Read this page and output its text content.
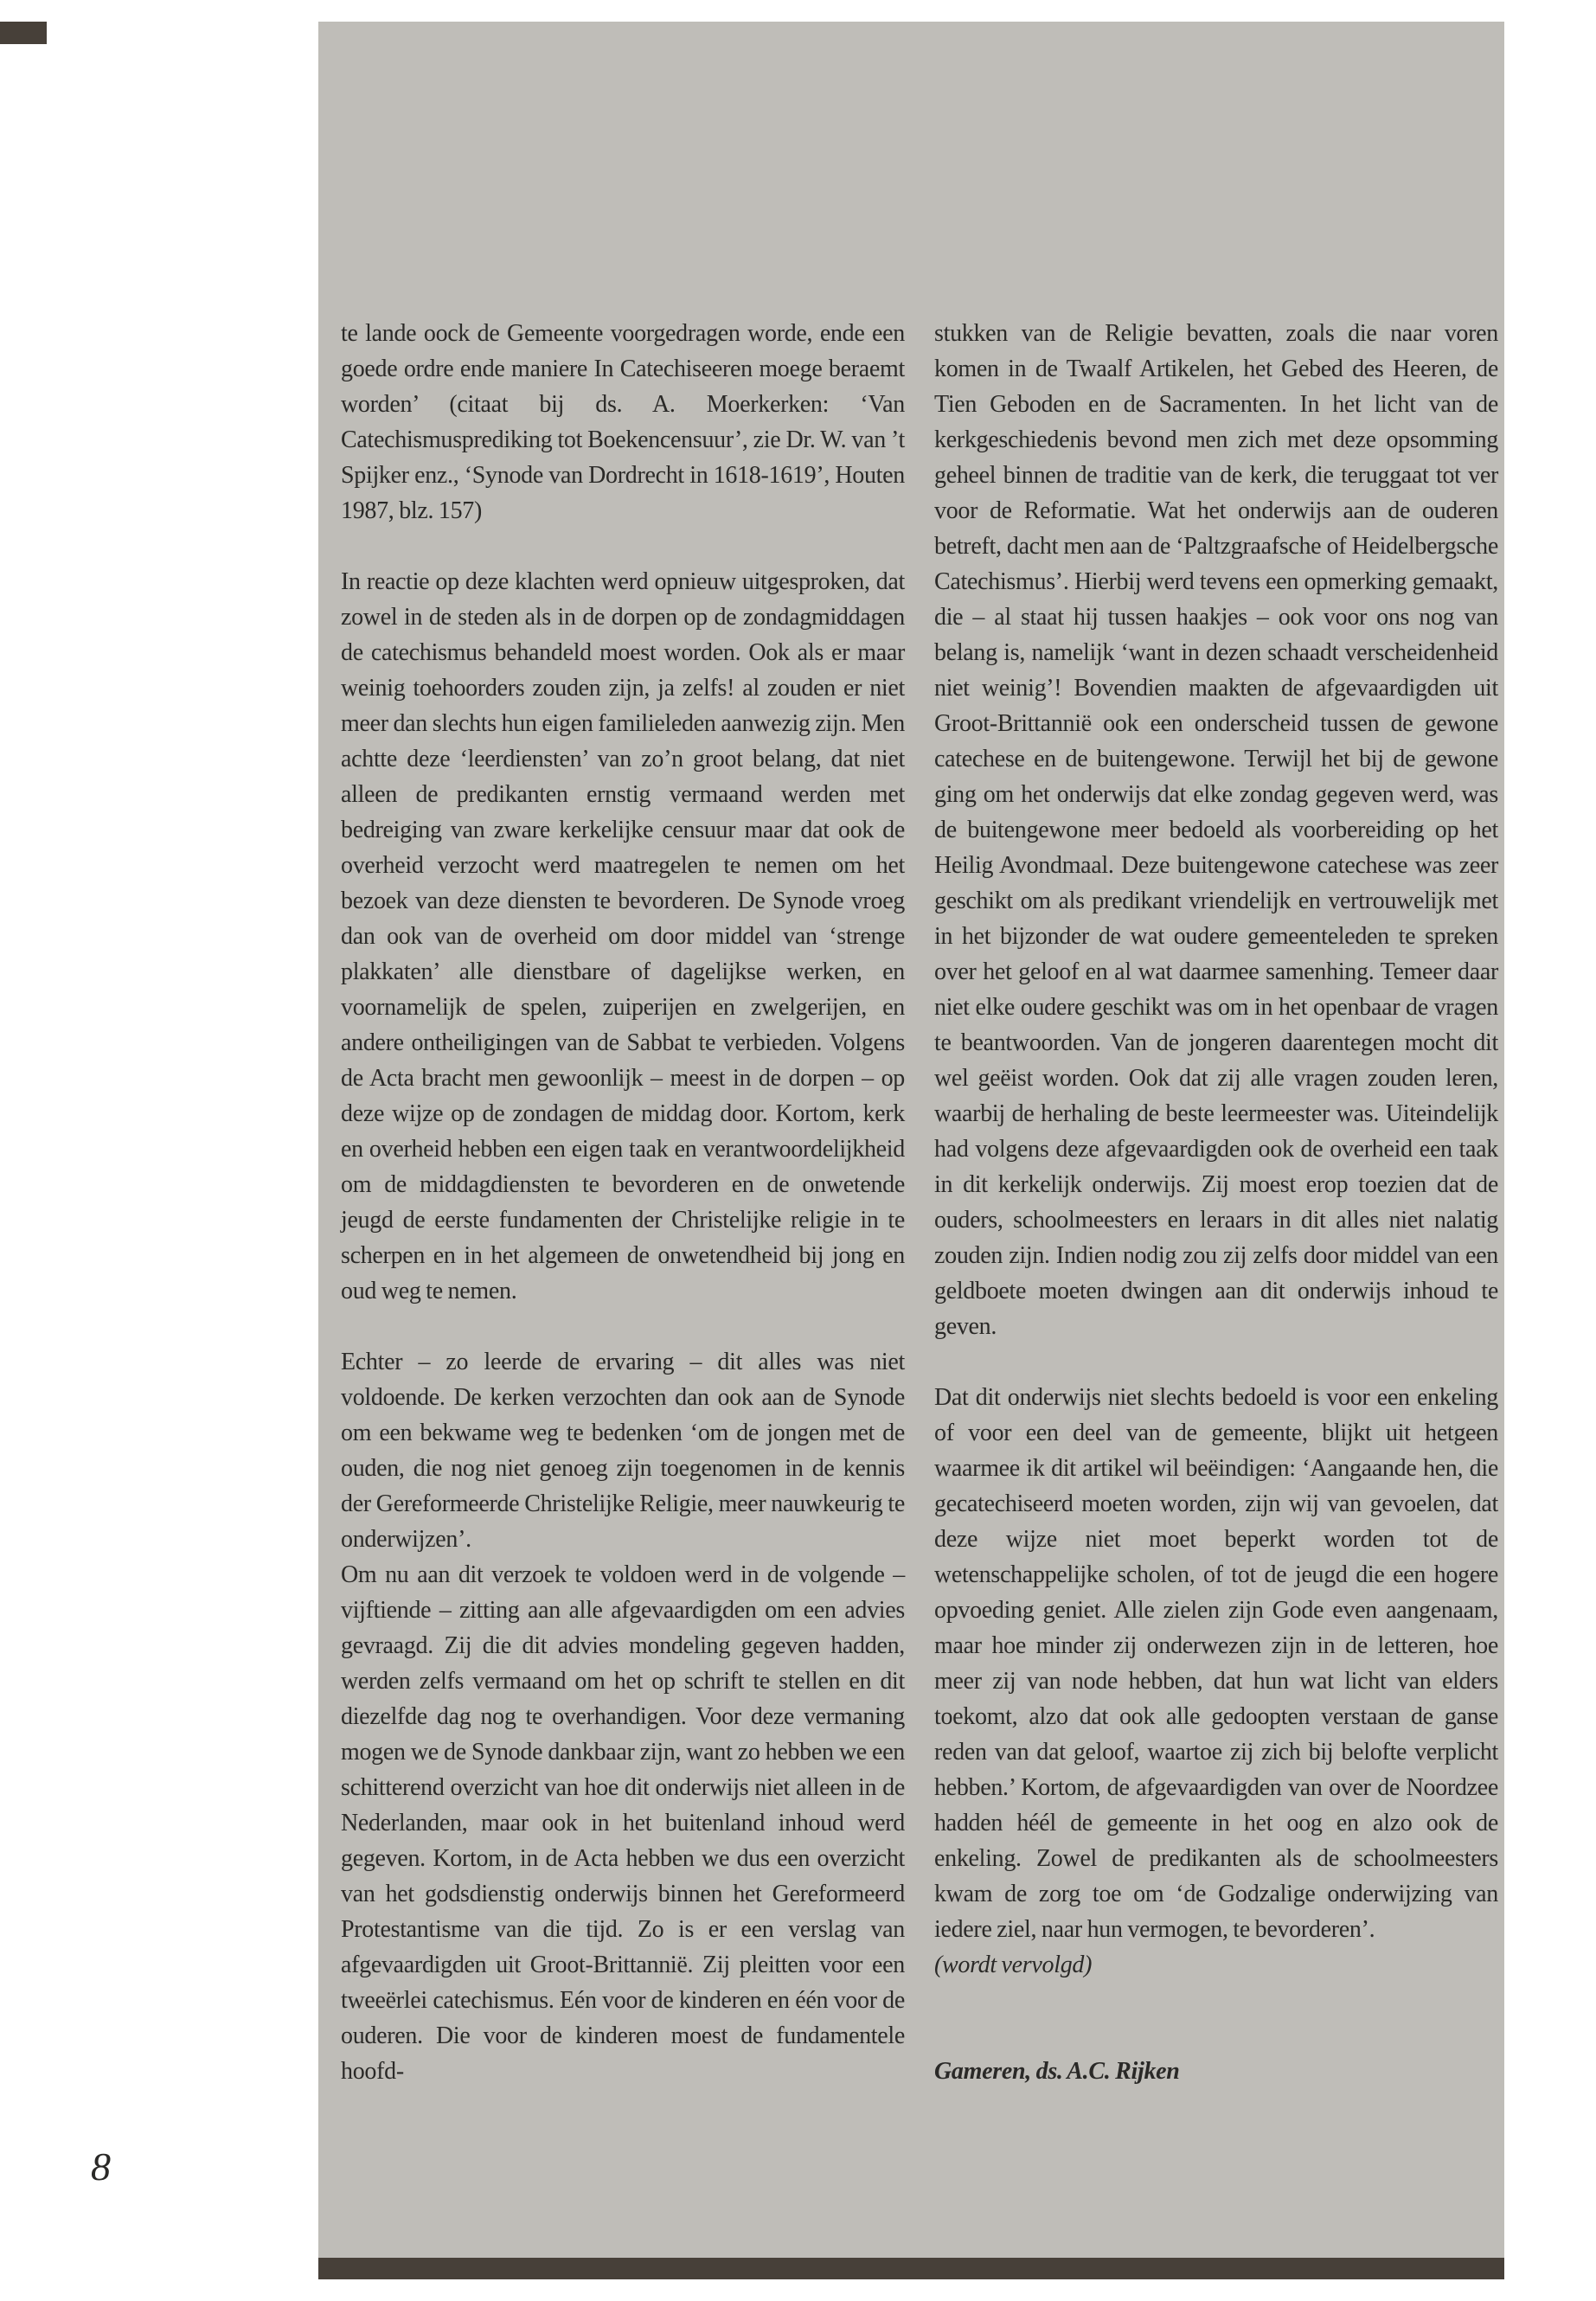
te lande oock de Gemeente voorgedragen worde, ende een goede ordre ende maniere In Catechiseeren moege beraemt worden’ (citaat bij ds. A. Moerkerken: ‘Van Catechismusprediking tot Boekencensuur’, zie Dr. W. van ’t Spijker enz., ‘Synode van Dordrecht in 1618-1619’, Houten 1987, blz. 157)

In reactie op deze klachten werd opnieuw uitgesproken, dat zowel in de steden als in de dorpen op de zondagmiddagen de catechismus behandeld moest worden. Ook als er maar weinig toehoorders zouden zijn, ja zelfs! al zouden er niet meer dan slechts hun eigen familieleden aanwezig zijn. Men achtte deze ‘leerdiensten’ van zo’n groot belang, dat niet alleen de predikanten ernstig vermaand werden met bedreiging van zware kerkelijke censuur maar dat ook de overheid verzocht werd maatregelen te nemen om het bezoek van deze diensten te bevorderen. De Synode vroeg dan ook van de overheid om door middel van ‘strenge plakkaten’ alle dienstbare of dagelijkse werken, en voornamelijk de spelen, zuiperijen en zwelgerijen, en andere ontheiligingen van de Sabbat te verbieden. Volgens de Acta bracht men gewoonlijk – meest in de dorpen – op deze wijze op de zondagen de middag door. Kortom, kerk en overheid hebben een eigen taak en verantwoordelijkheid om de middagdiensten te bevorderen en de onwetende jeugd de eerste fundamenten der Christelijke religie in te scherpen en in het algemeen de onwetendheid bij jong en oud weg te nemen.

Echter – zo leerde de ervaring – dit alles was niet voldoende. De kerken verzochten dan ook aan de Synode om een bekwame weg te bedenken ‘om de jongen met de ouden, die nog niet genoeg zijn toegenomen in de kennis der Gereformeerde Christelijke Religie, meer nauwkeurig te onderwijzen’.

Om nu aan dit verzoek te voldoen werd in de volgende – vijftiende – zitting aan alle afgevaardigden om een advies gevraagd. Zij die dit advies mondeling gegeven hadden, werden zelfs vermaand om het op schrift te stellen en dit diezelfde dag nog te overhandigen. Voor deze vermaning mogen we de Synode dankbaar zijn, want zo hebben we een schitterend overzicht van hoe dit onderwijs niet alleen in de Nederlanden, maar ook in het buitenland inhoud werd gegeven. Kortom, in de Acta hebben we dus een overzicht van het godsdienstig onderwijs binnen het Gereformeerd Protestantisme van die tijd. Zo is er een verslag van afgevaardigden uit Groot-Brittannië. Zij pleitten voor een tweeërlei catechismus. Eén voor de kinderen en één voor de ouderen. Die voor de kinderen moest de fundamentele hoofd-

stukken van de Religie bevatten, zoals die naar voren komen in de Twaalf Artikelen, het Gebed des Heeren, de Tien Geboden en de Sacramenten. In het licht van de kerkgeschiedenis bevond men zich met deze opsomming geheel binnen de traditie van de kerk, die teruggaat tot ver voor de Reformatie. Wat het onderwijs aan de ouderen betreft, dacht men aan de ‘Paltzgraafsche of Heidelbergsche Catechismus’. Hierbij werd tevens een opmerking gemaakt, die – al staat hij tussen haakjes – ook voor ons nog van belang is, namelijk ‘want in dezen schaadt verscheidenheid niet weinig’! Bovendien maakten de afgevaardigden uit Groot-Brittannië ook een onderscheid tussen de gewone catechese en de buitengewone. Terwijl het bij de gewone ging om het onderwijs dat elke zondag gegeven werd, was de buitengewone meer bedoeld als voorbereiding op het Heilig Avondmaal. Deze buitengewone catechese was zeer geschikt om als predikant vriendelijk en vertrouwelijk met in het bijzonder de wat oudere gemeenteleden te spreken over het geloof en al wat daarmee samenhing. Temeer daar niet elke oudere geschikt was om in het openbaar de vragen te beantwoorden. Van de jongeren daarentegen mocht dit wel geëist worden. Ook dat zij alle vragen zouden leren, waarbij de herhaling de beste leermeester was. Uiteindelijk had volgens deze afgevaardigden ook de overheid een taak in dit kerkelijk onderwijs. Zij moest erop toezien dat de ouders, schoolmeesters en leraars in dit alles niet nalatig zouden zijn. Indien nodig zou zij zelfs door middel van een geldboete moeten dwingen aan dit onderwijs inhoud te geven.

Dat dit onderwijs niet slechts bedoeld is voor een enkeling of voor een deel van de gemeente, blijkt uit hetgeen waarmee ik dit artikel wil beëindigen: ‘Aangaande hen, die gecatechiseerd moeten worden, zijn wij van gevoelen, dat deze wijze niet moet beperkt worden tot de wetenschappelijke scholen, of tot de jeugd die een hogere opvoeding geniet. Alle zielen zijn Gode even aangenaam, maar hoe minder zij onderwezen zijn in de letteren, hoe meer zij van node hebben, dat hun wat licht van elders toekomt, alzo dat ook alle gedoopten verstaan de ganse reden van dat geloof, waartoe zij zich bij belofte verplicht hebben.’ Kortom, de afgevaardigden van over de Noordzee hadden héél de gemeente in het oog en alzo ook de enkeling. Zowel de predikanten als de schoolmeesters kwam de zorg toe om ‘de Godzalige onderwijzing van iedere ziel, naar hun vermogen, te bevorderen’.

(wordt vervolgd)

Gameren, ds. A.C. Rijken

8
